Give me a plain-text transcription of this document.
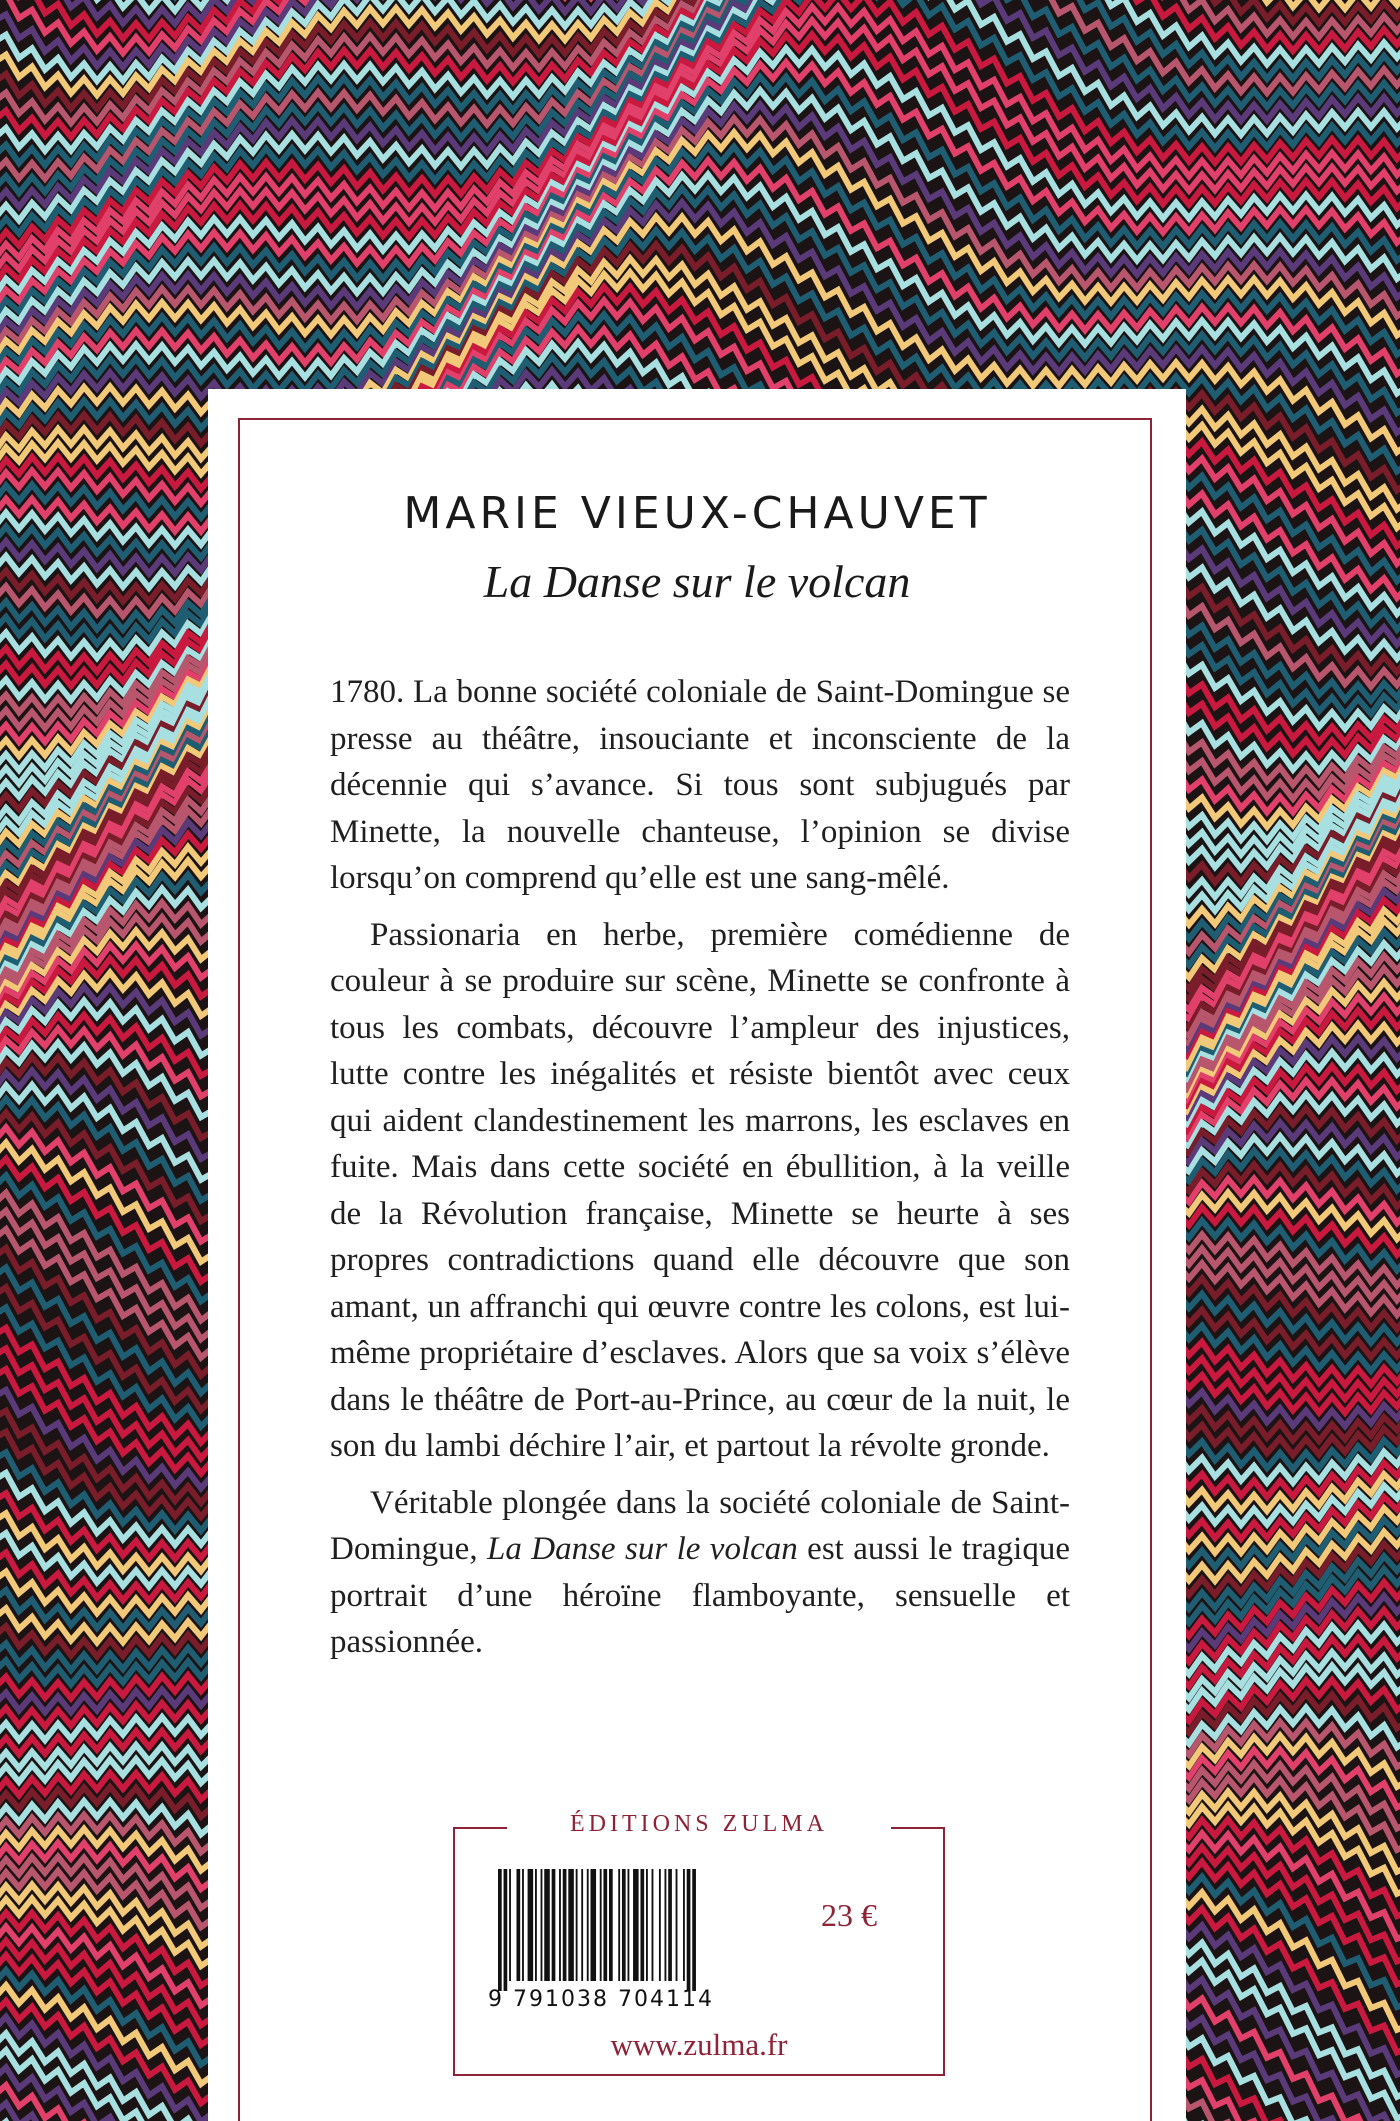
MARIE VIEUX-CHAUVET
La Danse sur le volcan

1780. La bonne société coloniale de Saint-Domingue se presse au théâtre, insouciante et inconsciente de la décennie qui s’avance. Si tous sont subjugués par Minette, la nouvelle chanteuse, l’opinion se divise lorsqu’on comprend qu’elle est une sang-mêlé.

Passionaria en herbe, première comédienne de couleur à se produire sur scène, Minette se confronte à tous les combats, découvre l’ampleur des injustices, lutte contre les inégalités et résiste bientôt avec ceux qui aident clandestinement les marrons, les esclaves en fuite. Mais dans cette société en ébullition, à la veille de la Révolution française, Minette se heurte à ses propres contradictions quand elle découvre que son amant, un affranchi qui œuvre contre les colons, est lui-même propriétaire d’esclaves. Alors que sa voix s’élève dans le théâtre de Port-au-Prince, au cœur de la nuit, le son du lambi déchire l’air, et partout la révolte gronde.

Véritable plongée dans la société coloniale de Saint-Domingue, La Danse sur le volcan est aussi le tragique portrait d’une héroïne flamboyante, sensuelle et passionnée.

ÉDITIONS ZULMA
9 791038 704114
23 €
www.zulma.fr
